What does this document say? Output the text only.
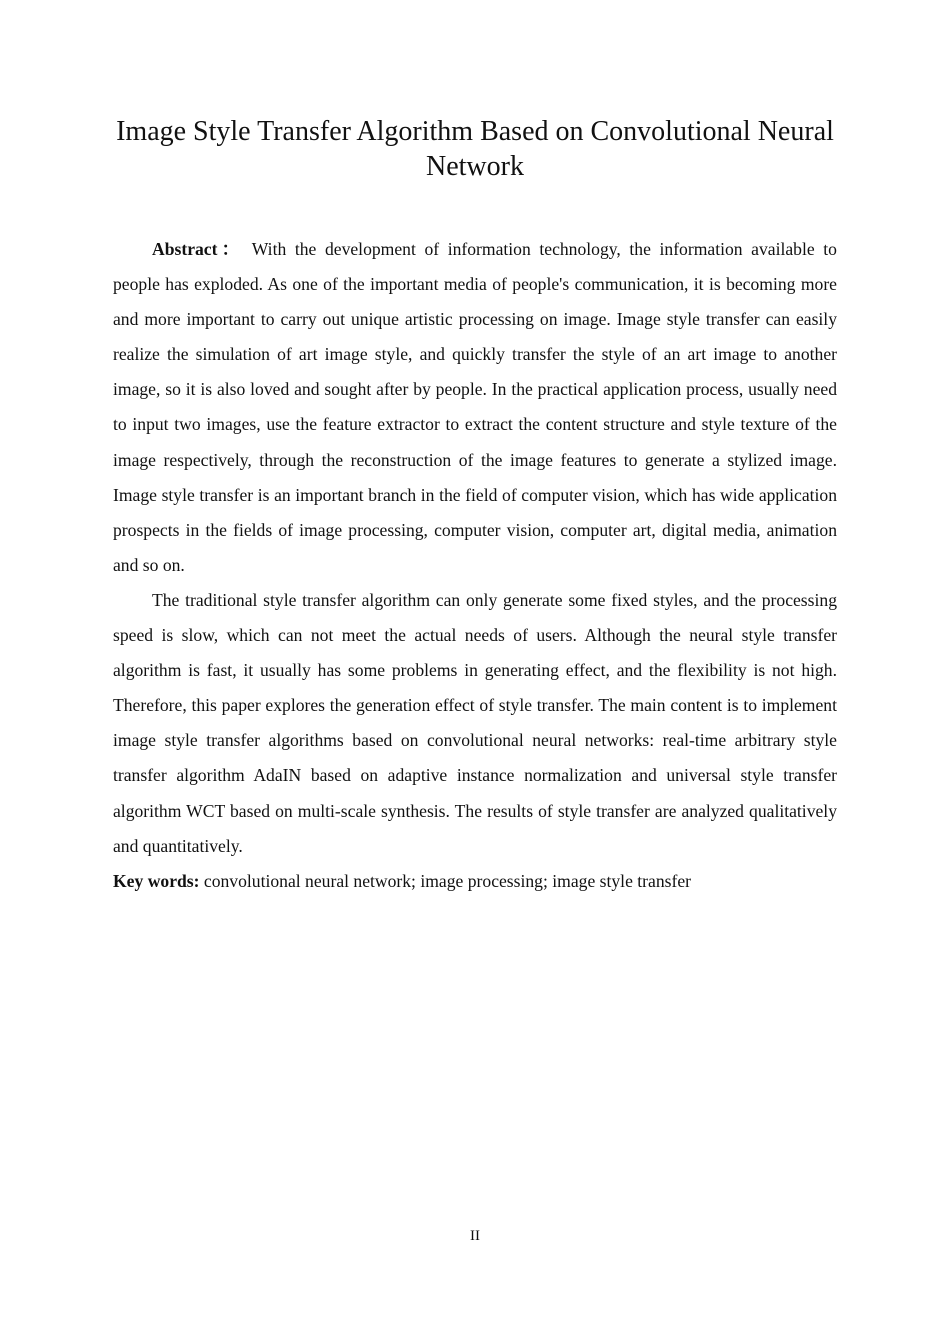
Image Style Transfer Algorithm Based on Convolutional Neural Network

Abstract： With the development of information technology, the information available to people has exploded. As one of the important media of people's communication, it is becoming more and more important to carry out unique artistic processing on image. Image style transfer can easily realize the simulation of art image style, and quickly transfer the style of an art image to another image, so it is also loved and sought after by people. In the practical application process, usually need to input two images, use the feature extractor to extract the content structure and style texture of the image respectively, through the reconstruction of the image features to generate a stylized image. Image style transfer is an important branch in the field of computer vision, which has wide application prospects in the fields of image processing, computer vision, computer art, digital media, animation and so on.

The traditional style transfer algorithm can only generate some fixed styles, and the processing speed is slow, which can not meet the actual needs of users. Although the neural style transfer algorithm is fast, it usually has some problems in generating effect, and the flexibility is not high. Therefore, this paper explores the generation effect of style transfer. The main content is to implement image style transfer algorithms based on convolutional neural networks: real-time arbitrary style transfer algorithm AdaIN based on adaptive instance normalization and universal style transfer algorithm WCT based on multi-scale synthesis. The results of style transfer are analyzed qualitatively and quantitatively.

Key words: convolutional neural network; image processing; image style transfer

II
